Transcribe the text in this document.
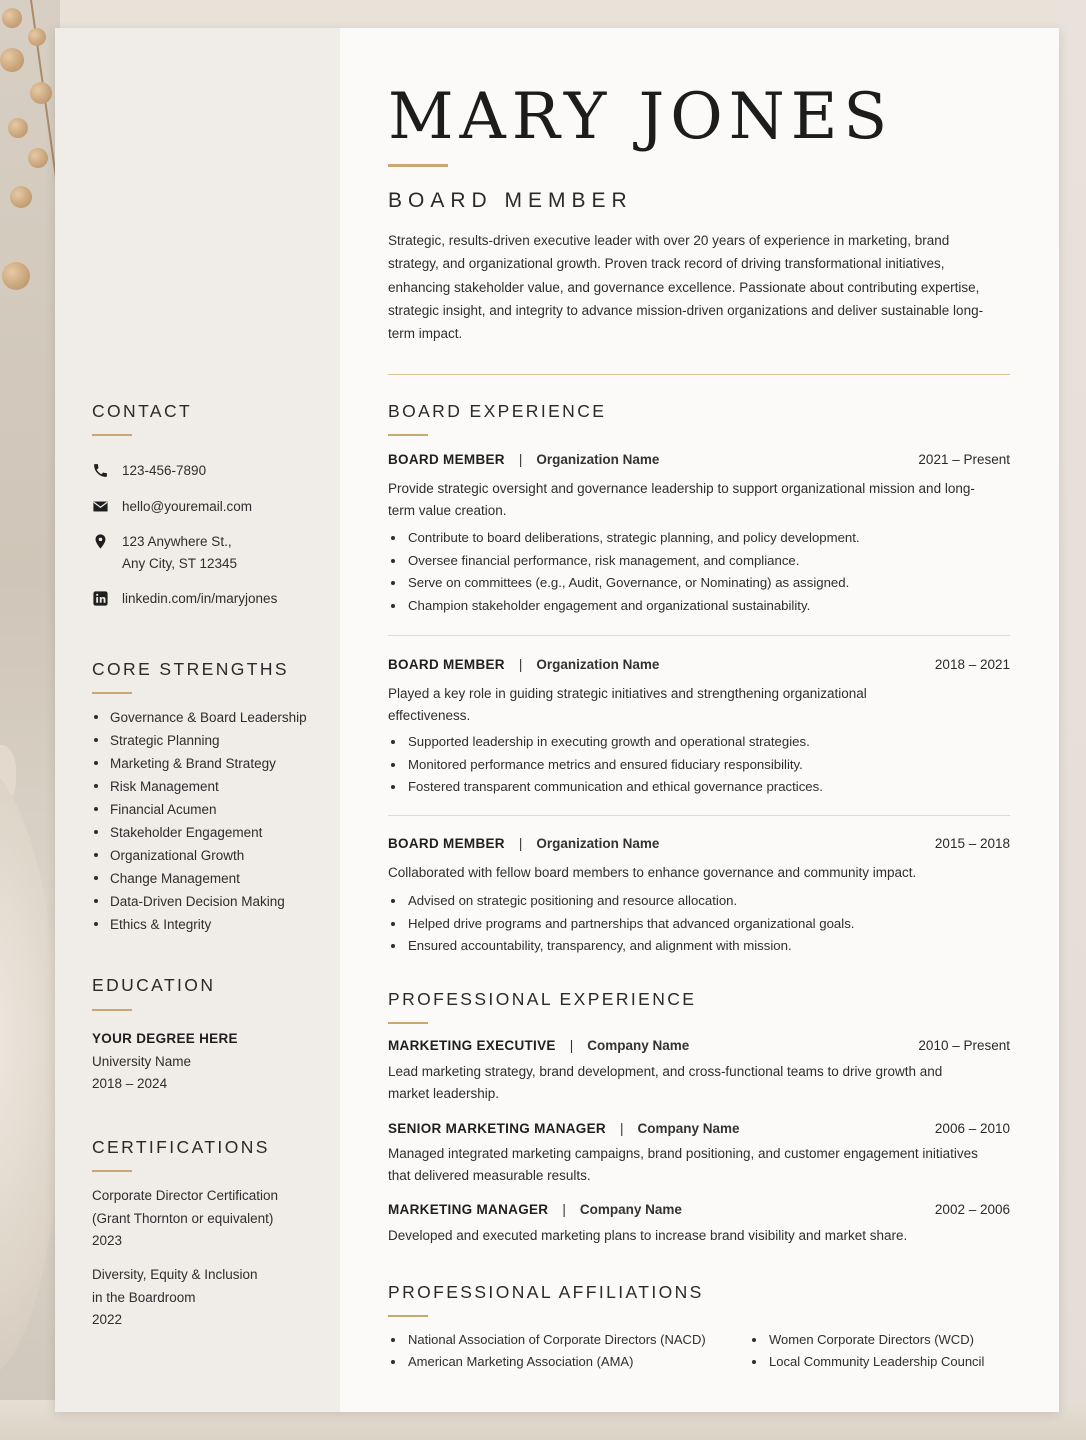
CONTACT
123-456-7890
hello@youremail.com
123 Anywhere St.,
Any City, ST 12345
linkedin.com/in/maryjones
CORE STRENGTHS
Governance & Board Leadership
Strategic Planning
Marketing & Brand Strategy
Risk Management
Financial Acumen
Stakeholder Engagement
Organizational Growth
Change Management
Data-Driven Decision Making
Ethics & Integrity
EDUCATION
YOUR DEGREE HERE
University Name
2018 – 2024
CERTIFICATIONS
Corporate Director Certification
(Grant Thornton or equivalent)
2023
Diversity, Equity & Inclusion
in the Boardroom
2022
MARY JONES
BOARD MEMBER
Strategic, results-driven executive leader with over 20 years of experience in marketing, brand strategy, and organizational growth. Proven track record of driving transformational initiatives, enhancing stakeholder value, and governance excellence. Passionate about contributing expertise, strategic insight, and integrity to advance mission-driven organizations and deliver sustainable long-term impact.
BOARD EXPERIENCE
BOARD MEMBER | Organization Name	2021 – Present
Provide strategic oversight and governance leadership to support organizational mission and long-term value creation.
Contribute to board deliberations, strategic planning, and policy development.
Oversee financial performance, risk management, and compliance.
Serve on committees (e.g., Audit, Governance, or Nominating) as assigned.
Champion stakeholder engagement and organizational sustainability.
BOARD MEMBER | Organization Name	2018 – 2021
Played a key role in guiding strategic initiatives and strengthening organizational effectiveness.
Supported leadership in executing growth and operational strategies.
Monitored performance metrics and ensured fiduciary responsibility.
Fostered transparent communication and ethical governance practices.
BOARD MEMBER | Organization Name	2015 – 2018
Collaborated with fellow board members to enhance governance and community impact.
Advised on strategic positioning and resource allocation.
Helped drive programs and partnerships that advanced organizational goals.
Ensured accountability, transparency, and alignment with mission.
PROFESSIONAL EXPERIENCE
MARKETING EXECUTIVE | Company Name	2010 – Present
Lead marketing strategy, brand development, and cross-functional teams to drive growth and market leadership.
SENIOR MARKETING MANAGER | Company Name	2006 – 2010
Managed integrated marketing campaigns, brand positioning, and customer engagement initiatives that delivered measurable results.
MARKETING MANAGER | Company Name	2002 – 2006
Developed and executed marketing plans to increase brand visibility and market share.
PROFESSIONAL AFFILIATIONS
National Association of Corporate Directors (NACD)
American Marketing Association (AMA)
Women Corporate Directors (WCD)
Local Community Leadership Council
